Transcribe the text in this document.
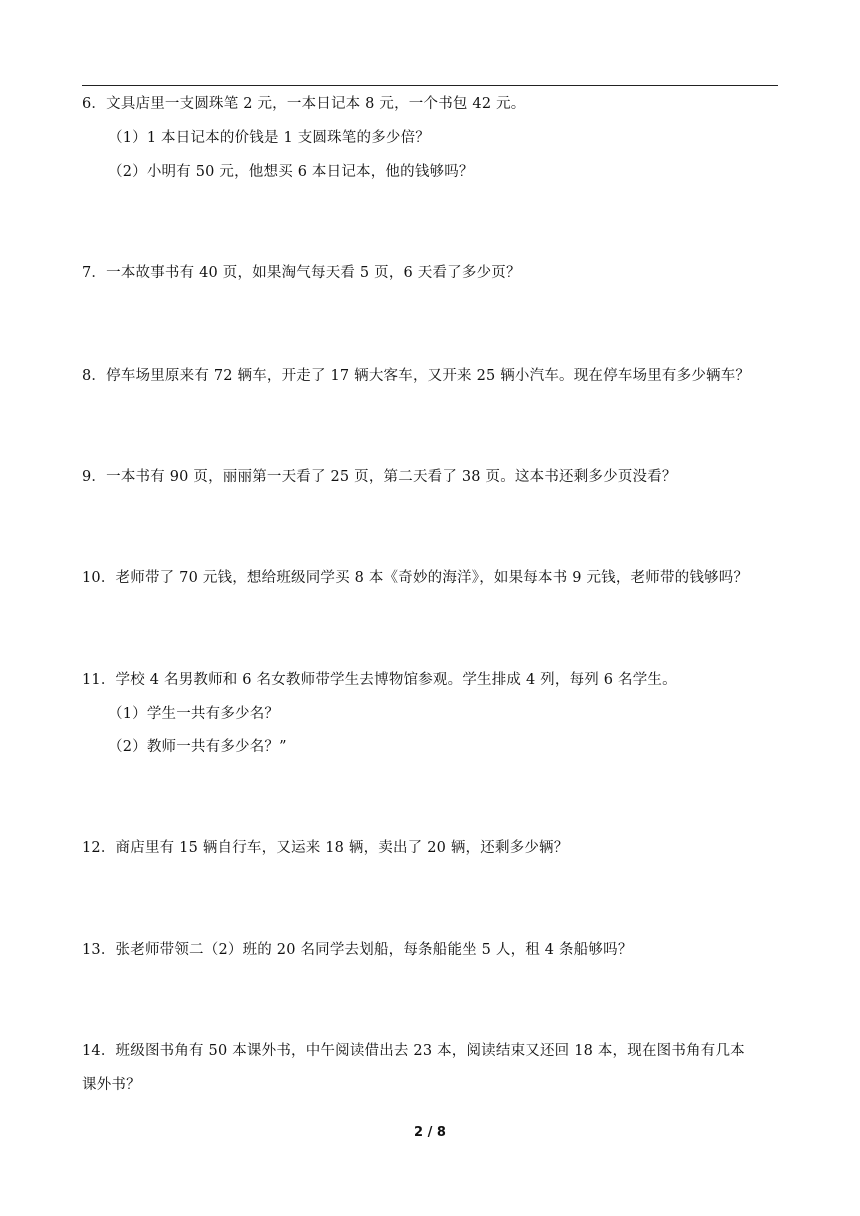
6．文具店里一支圆珠笔 2 元，一本日记本 8 元，一个书包 42 元。
（1）1 本日记本的价钱是 1 支圆珠笔的多少倍？
（2）小明有 50 元，他想买 6 本日记本，他的钱够吗？
7．一本故事书有 40 页，如果淘气每天看 5 页，6 天看了多少页？
8．停车场里原来有 72 辆车，开走了 17 辆大客车，又开来 25 辆小汽车。现在停车场里有多少辆车？
9．一本书有 90 页，丽丽第一天看了 25 页，第二天看了 38 页。这本书还剩多少页没看？
10．老师带了 70 元钱，想给班级同学买 8 本《奇妙的海洋》，如果每本书 9 元钱，老师带的钱够吗？
11．学校 4 名男教师和 6 名女教师带学生去博物馆参观。学生排成 4 列，每列 6 名学生。
（1）学生一共有多少名？
（2）教师一共有多少名？”
12．商店里有 15 辆自行车，又运来 18 辆，卖出了 20 辆，还剩多少辆？
13．张老师带领二（2）班的 20 名同学去划船，每条船能坐 5 人，租 4 条船够吗？
14．班级图书角有 50 本课外书，中午阅读借出去 23 本，阅读结束又还回 18 本，现在图书角有几本
课外书？
2 / 8
